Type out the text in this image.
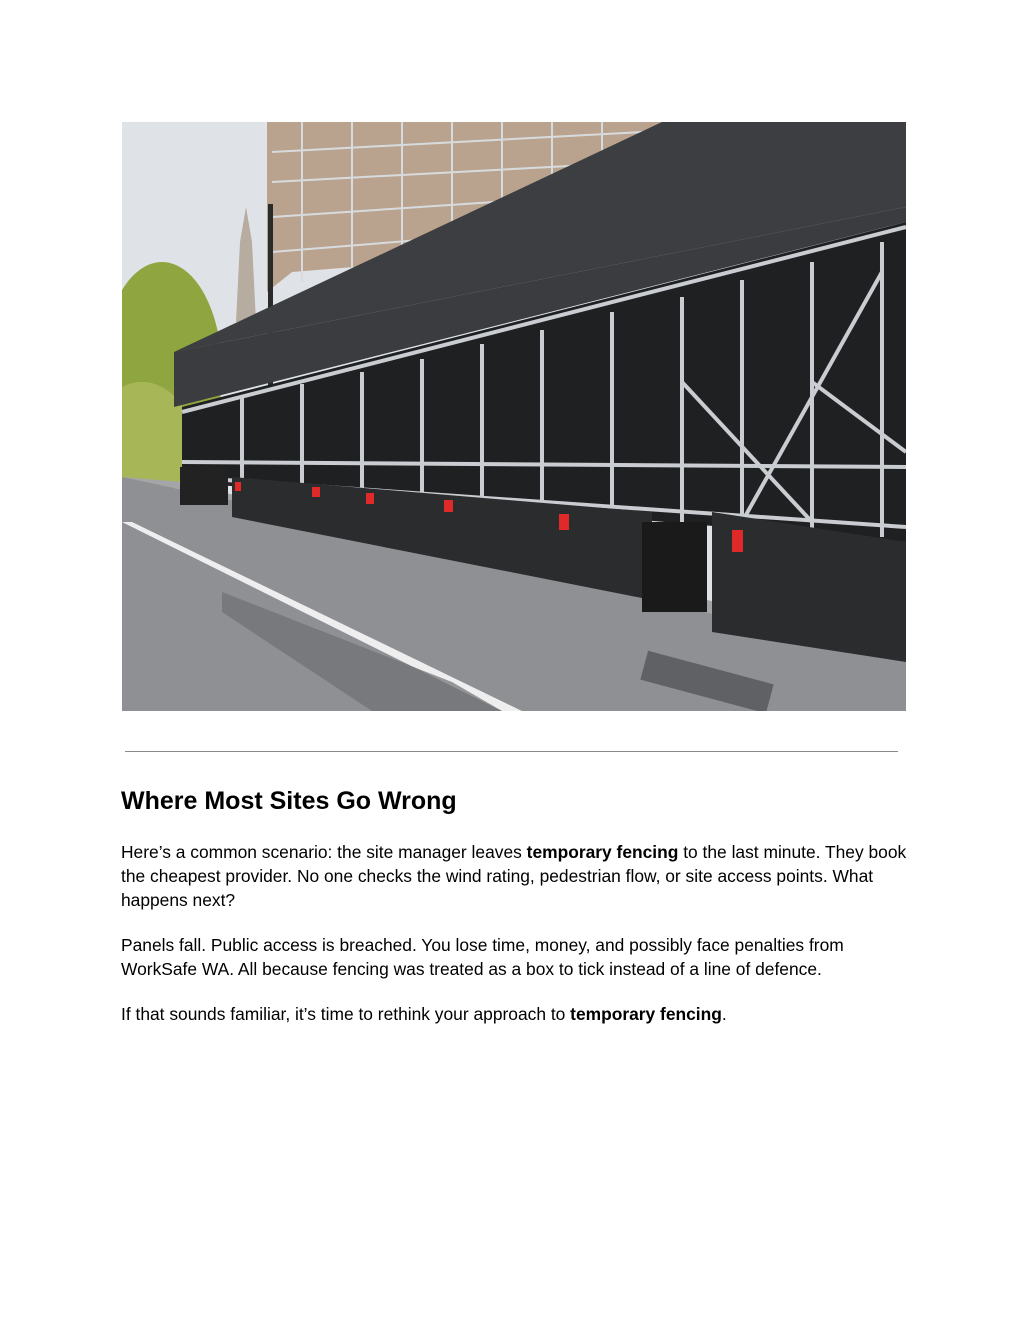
Where Most Sites Go Wrong

Here’s a common scenario: the site manager leaves temporary fencing to the last minute. They book the cheapest provider. No one checks the wind rating, pedestrian flow, or site access points. What happens next?

Panels fall. Public access is breached. You lose time, money, and possibly face penalties from WorkSafe WA. All because fencing was treated as a box to tick instead of a line of defence.

If that sounds familiar, it’s time to rethink your approach to temporary fencing.
